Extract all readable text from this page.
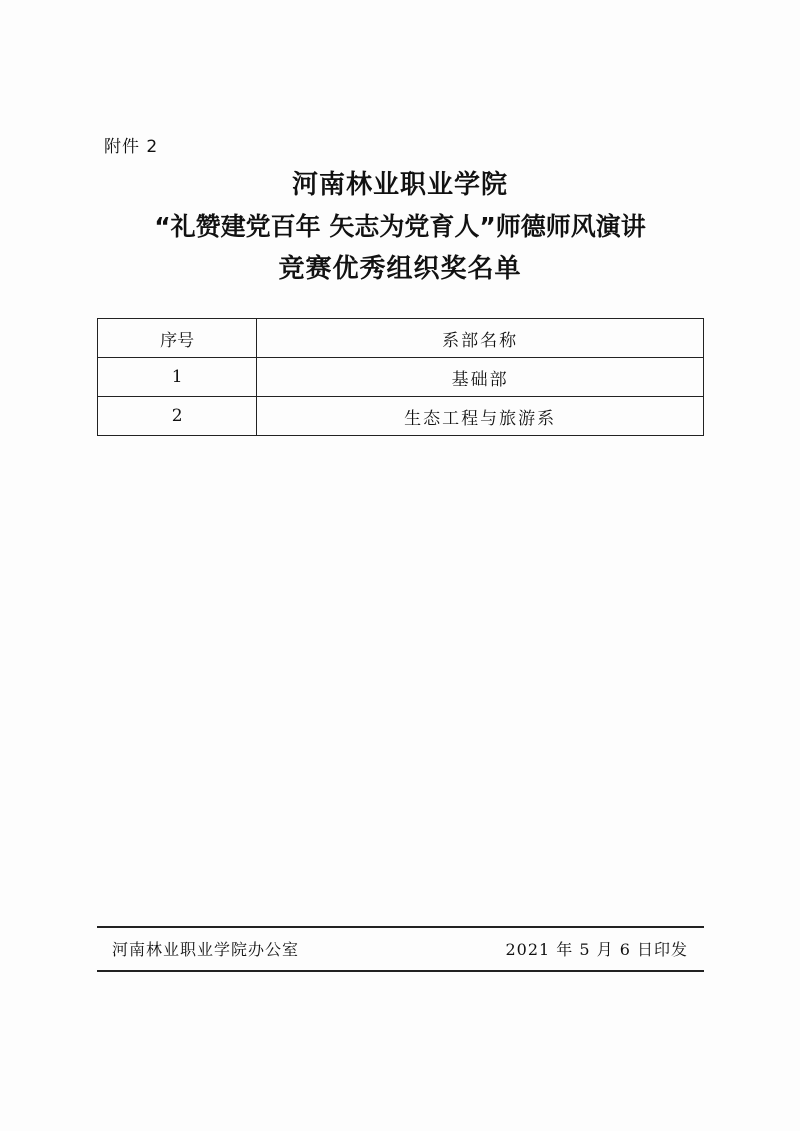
附件 2
河南林业职业学院
“礼赞建党百年 矢志为党育人”师德师风演讲
竞赛优秀组织奖名单
序号	系部名称
1	基础部
2	生态工程与旅游系
河南林业职业学院办公室	2021 年 5 月 6 日印发
